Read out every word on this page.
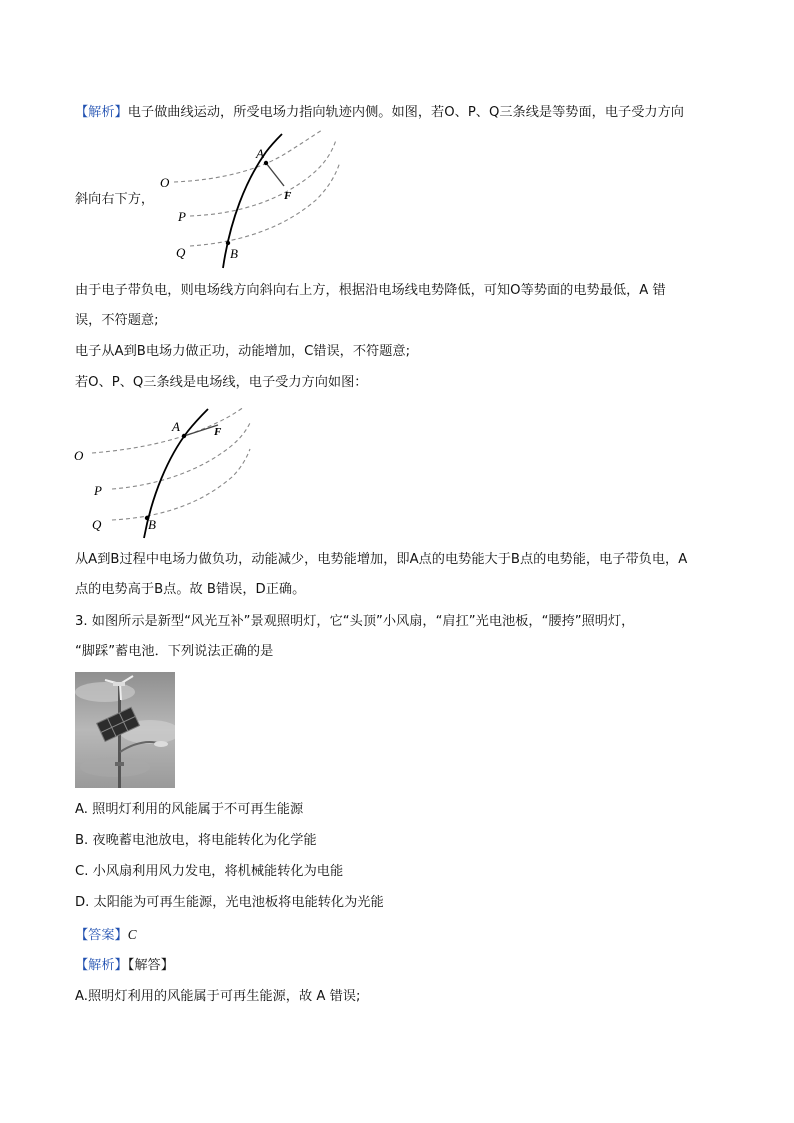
【解析】电子做曲线运动，所受电场力指向轨迹内侧。如图，若O、P、Q三条线是等势面，电子受力方向
斜向右下方，
O
P
Q
A
B
F
由于电子带负电，则电场线方向斜向右上方，根据沿电场线电势降低，可知O等势面的电势最低，A 错
误，不符题意;
电子从A到B电场力做正功，动能增加，C错误，不符题意;
若O、P、Q三条线是电场线，电子受力方向如图：
O
P
Q
A
B
F
从A到B过程中电场力做负功，动能减少，电势能增加，即A点的电势能大于B点的电势能，电子带负电，A
点的电势高于B点。故 B错误，D正确。
3. 如图所示是新型“风光互补”景观照明灯，它“头顶”小风扇，“肩扛”光电池板，“腰挎”照明灯，
“脚踩”蓄电池．下列说法正确的是
A. 照明灯利用的风能属于不可再生能源
B. 夜晚蓄电池放电，将电能转化为化学能
C. 小风扇利用风力发电，将机械能转化为电能
D. 太阳能为可再生能源，光电池板将电能转化为光能
【答案】C
【解析】【解答】
A.照明灯利用的风能属于可再生能源，故 A 错误;
